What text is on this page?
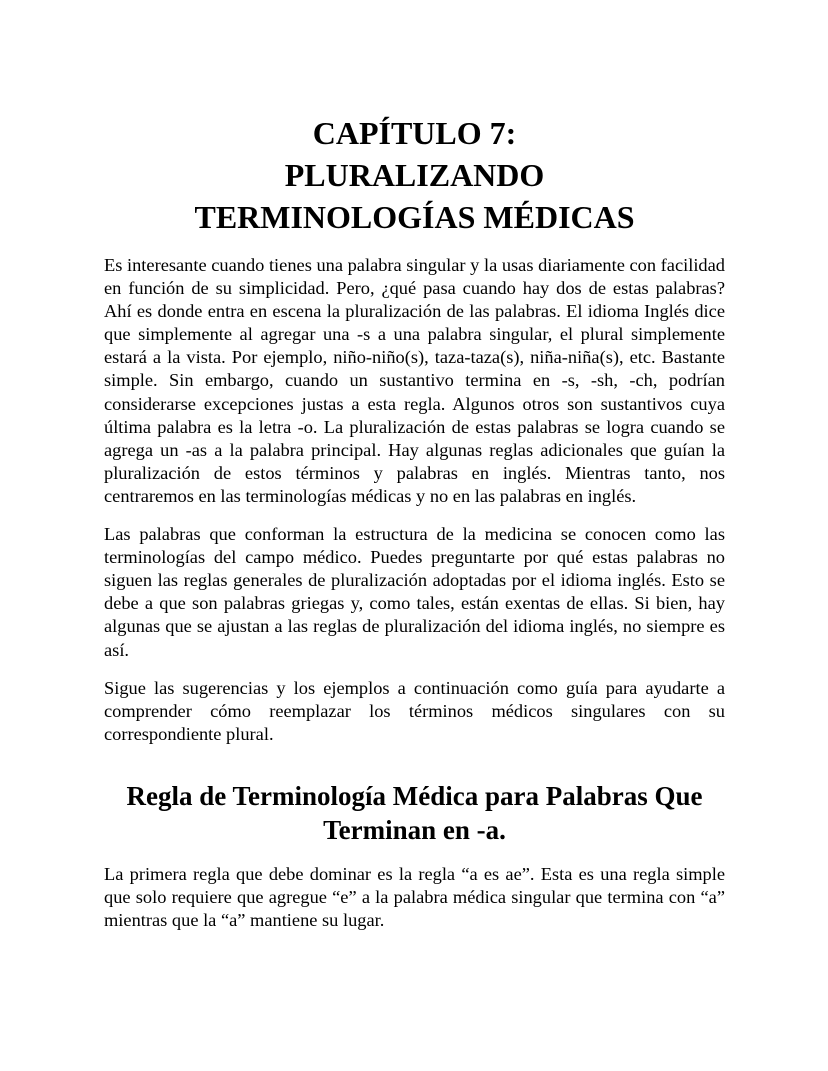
CAPÍTULO 7:
PLURALIZANDO
TERMINOLOGÍAS MÉDICAS

Es interesante cuando tienes una palabra singular y la usas diariamente con facilidad en función de su simplicidad. Pero, ¿qué pasa cuando hay dos de estas palabras? Ahí es donde entra en escena la pluralización de las palabras. El idioma Inglés dice que simplemente al agregar una -s a una palabra singular, el plural simplemente estará a la vista. Por ejemplo, niño-niño(s), taza-taza(s), niña-niña(s), etc. Bastante simple. Sin embargo, cuando un sustantivo termina en -s, -sh, -ch, podrían considerarse excepciones justas a esta regla. Algunos otros son sustantivos cuya última palabra es la letra -o. La pluralización de estas palabras se logra cuando se agrega un -as a la palabra principal. Hay algunas reglas adicionales que guían la pluralización de estos términos y palabras en inglés. Mientras tanto, nos centraremos en las terminologías médicas y no en las palabras en inglés.

Las palabras que conforman la estructura de la medicina se conocen como las terminologías del campo médico. Puedes preguntarte por qué estas palabras no siguen las reglas generales de pluralización adoptadas por el idioma inglés. Esto se debe a que son palabras griegas y, como tales, están exentas de ellas. Si bien, hay algunas que se ajustan a las reglas de pluralización del idioma inglés, no siempre es así.

Sigue las sugerencias y los ejemplos a continuación como guía para ayudarte a comprender cómo reemplazar los términos médicos singulares con su correspondiente plural.

Regla de Terminología Médica para Palabras Que
Terminan en -a.

La primera regla que debe dominar es la regla “a es ae”. Esta es una regla simple que solo requiere que agregue “e” a la palabra médica singular que termina con “a” mientras que la “a” mantiene su lugar.
